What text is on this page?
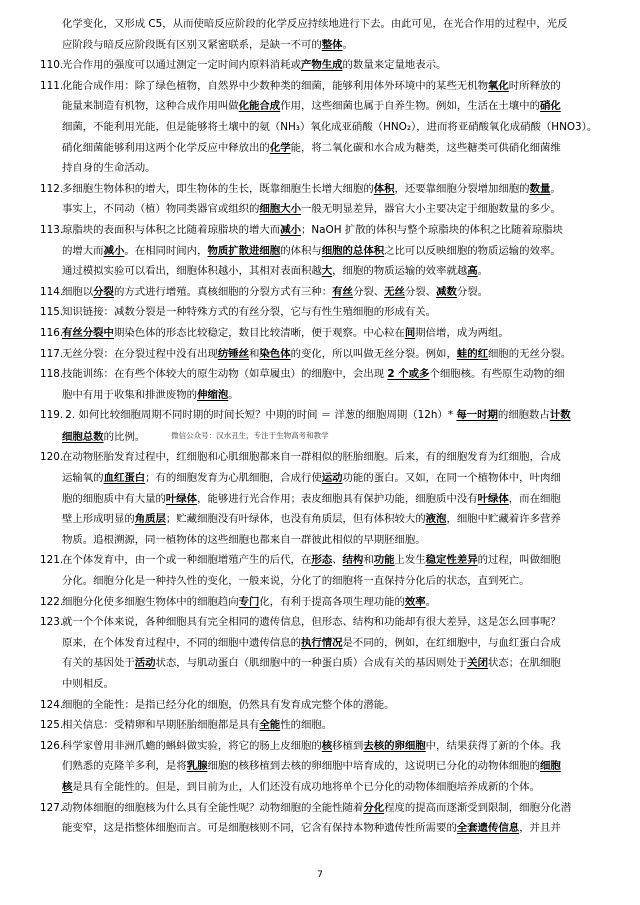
化学变化，又形成 C5，从而使暗反应阶段的化学反应持续地进行下去。由此可见，在光合作用的过程中，光反
应阶段与暗反应阶段既有区别又紧密联系，是缺一不可的整体。
110.光合作用的强度可以通过测定一定时间内原料消耗或产物生成的数量来定量地表示。
111.化能合成作用：除了绿色植物，自然界中少数种类的细菌，能够利用体外环境中的某些无机物氧化时所释放的
能量来制造有机物，这种合成作用叫做化能合成作用，这些细菌也属于自养生物。例如，生活在土壤中的硝化
细菌，不能利用光能，但是能够将土壤中的氨（NH₃）氧化成亚硝酸（HNO₂），进而将亚硝酸氧化成硝酸（HNO3）。
硝化细菌能够利用这两个化学反应中释放出的化学能，将二氧化碳和水合成为糖类，这些糖类可供硝化细菌维
持自身的生命活动。
112.多细胞生物体积的增大，即生物体的生长，既靠细胞生长增大细胞的体积，还要靠细胞分裂增加细胞的数量。
事实上，不同动（植）物同类器官或组织的细胞大小一般无明显差异，器官大小主要决定于细胞数量的多少。
113.琼脂块的表面积与体积之比随着琼脂块的增大而减小；NaOH 扩散的体积与整个琼脂块的体积之比随着琼脂块
的增大而减小。在相同时间内，物质扩散进细胞的体积与细胞的总体积之比可以反映细胞的物质运输的效率。
通过模拟实验可以看出，细胞体积越小，其相对表面积越大，细胞的物质运输的效率就越高。
114.细胞以分裂的方式进行增殖。真核细胞的分裂方式有三种：有丝分裂、无丝分裂、减数分裂。
115.知识链接：减数分裂是一种特殊方式的有丝分裂，它与有性生殖细胞的形成有关。
116.有丝分裂中期染色体的形态比较稳定，数目比较清晰，便于观察。中心粒在间期倍增，成为两组。
117.无丝分裂：在分裂过程中没有出现纺锤丝和染色体的变化，所以叫做无丝分裂。例如，蛙的红细胞的无丝分裂。
118.技能训练：在有些个体较大的原生动物（如草履虫）的细胞中，会出现 2 个或多个细胞核。有些原生动物的细
胞中有用于收集和排泄废物的伸缩泡。
119. 2. 如何比较细胞周期不同时期的时间长短？中期的时间 ＝ 洋葱的细胞周期（12h）* 每一时期的细胞数占计数
细胞总数的比例。	微信公众号：汉水丑生，专注于生物高考和教学
120.在动物胚胎发育过程中，红细胞和心肌细胞都来自一群相似的胚胎细胞。后来，有的细胞发育为红细胞，合成
运输氧的血红蛋白；有的细胞发育为心肌细胞，合成行使运动功能的蛋白。又如，在同一个植物体中，叶肉细
胞的细胞质中有大量的叶绿体，能够进行光合作用；表皮细胞具有保护功能，细胞质中没有叶绿体，而在细胞
壁上形成明显的角质层；贮藏细胞没有叶绿体，也没有角质层，但有体积较大的液泡，细胞中贮藏着许多营养
物质。追根溯源，同一植物体的这些细胞也都来自一群彼此相似的早期胚细胞。
121.在个体发育中，由一个或一种细胞增殖产生的后代，在形态、结构和功能上发生稳定性差异的过程，叫做细胞
分化。细胞分化是一种持久性的变化，一般来说，分化了的细胞将一直保持分化后的状态，直到死亡。
122.细胞分化使多细胞生物体中的细胞趋向专门化，有利于提高各项生理功能的效率。
123.就一个个体来说，各种细胞具有完全相同的遗传信息，但形态、结构和功能却有很大差异，这是怎么回事呢？
原来，在个体发育过程中，不同的细胞中遗传信息的执行情况是不同的，例如，在红细胞中，与血红蛋白合成
有关的基因处于活动状态，与肌动蛋白（肌细胞中的一种蛋白质）合成有关的基因则处于关闭状态；在肌细胞
中则相反。
124.细胞的全能性：是指已经分化的细胞，仍然具有发育成完整个体的潜能。
125.相关信息：受精卵和早期胚胎细胞都是具有全能性的细胞。
126.科学家曾用非洲爪蟾的蝌蚪做实验，将它的肠上皮细胞的核移植到去核的卵细胞中，结果获得了新的个体。我
们熟悉的克隆羊多利，是将乳腺细胞的核移植到去核的卵细胞中培育成的，这说明已分化的动物体细胞的细胞
核是具有全能性的。但是，到目前为止，人们还没有成功地将单个已分化的动物体细胞培养成新的个体。
127.动物体细胞的细胞核为什么具有全能性呢？动物细胞的全能性随着分化程度的提高而逐渐受到限制，细胞分化潜
能变窄，这是指整体细胞而言。可是细胞核则不同，它含有保持本物种遗传性所需要的全套遗传信息，并且并
7
